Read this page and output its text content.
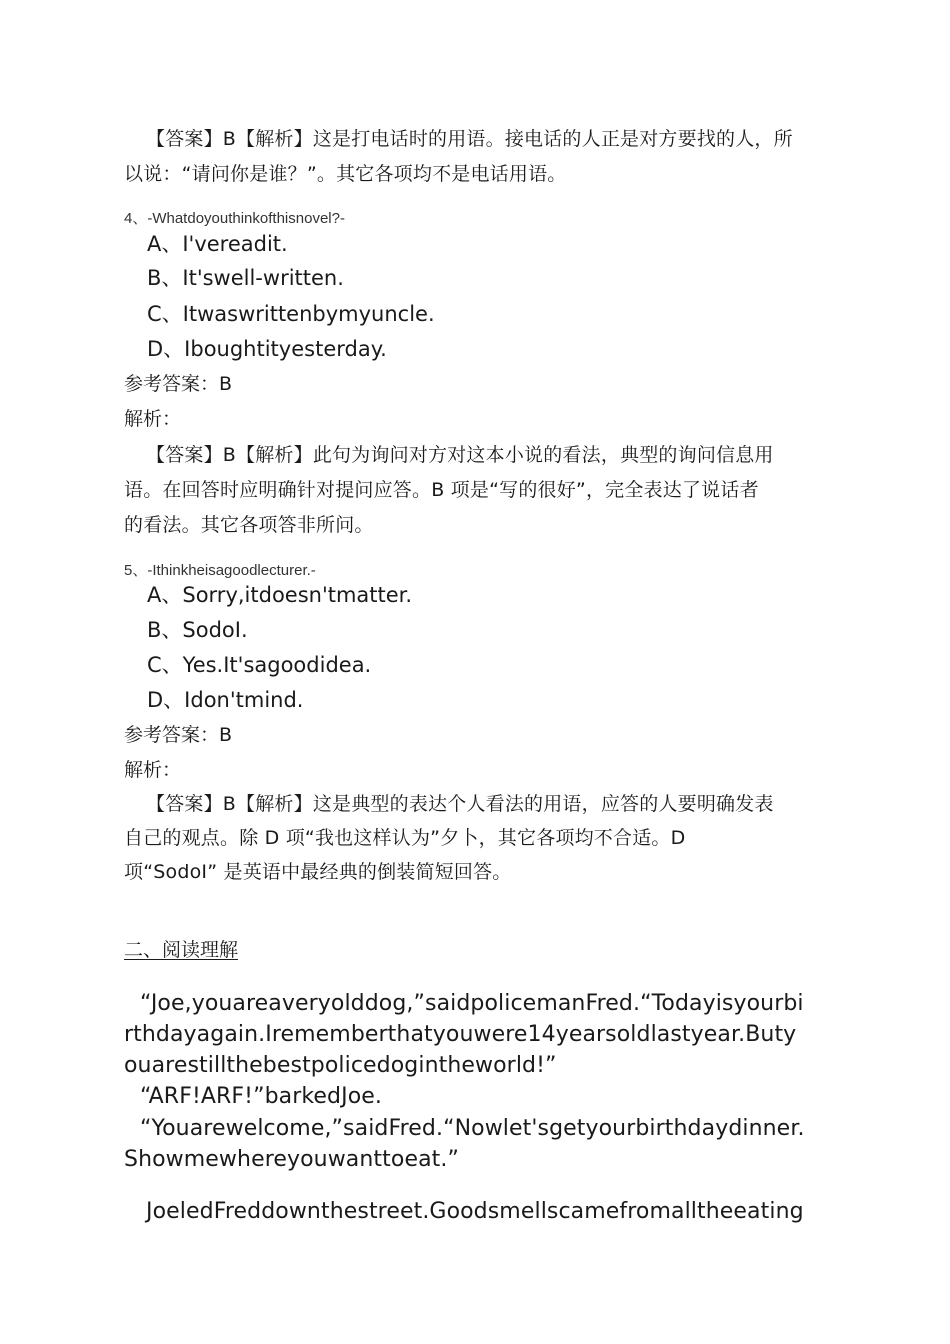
【答案】B【解析】这是打电话时的用语。接电话的人正是对方要找的人，所
以说：“请问你是谁？”。其它各项均不是电话用语。
4、-Whatdoyouthinkofthisnovel?-
A、I'vereadit.
B、It'swell-written.
C、Itwaswrittenbymyuncle.
D、Iboughtityesterday.
参考答案：B
解析：
【答案】B【解析】此句为询问对方对这本小说的看法，典型的询问信息用
语。在回答时应明确针对提问应答。B 项是“写的很好”，完全表达了说话者
的看法。其它各项答非所问。
5、-Ithinkheisagoodlecturer.-
A、Sorry,itdoesn'tmatter.
B、SodoI.
C、Yes.It'sagoodidea.
D、Idon'tmind.
参考答案：B
解析：
【答案】B【解析】这是典型的表达个人看法的用语，应答的人要明确发表
自己的观点。除 D 项“我也这样认为”夕卜，其它各项均不合适。D
项“SodoI” 是英语中最经典的倒装简短回答。
二、阅读理解
“Joe,youareaveryolddog,”saidpolicemanFred.“Todayisyourbi
rthdayagain.Irememberthatyouwere14yearsoldlastyear.Buty
ouarestillthebestpolicedogintheworld!”
“ARF!ARF!”barkedJoe.
“Youarewelcome,”saidFred.“Nowlet'sgetyourbirthdaydinner.
Showmewhereyouwanttoeat.”
JoeledFreddownthestreet.Goodsmellscamefromalltheeating
